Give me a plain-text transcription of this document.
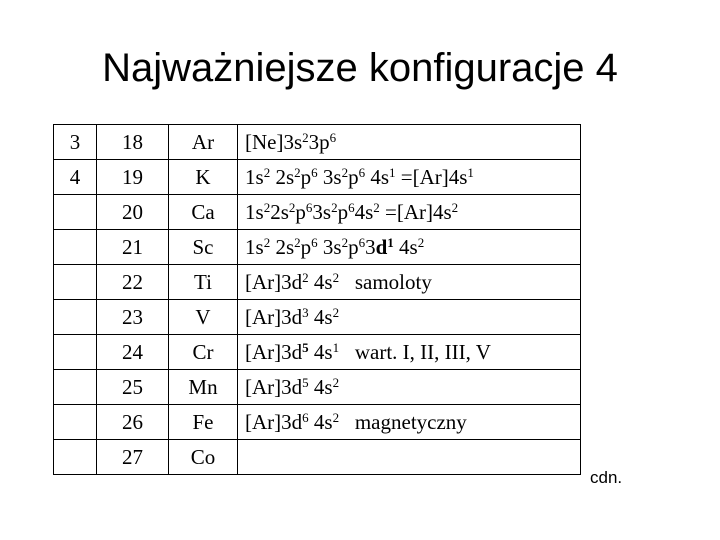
Najważniejsze konfiguracje 4
3	18	Ar	$[Ne]3s^23p^6$
4	19	K	$1s^2$ $2s^2p^6$ $3s^2p^6$ $4s^1 =[Ar]4s^1$
	20	Ca	$1s^22s^2p^63s^2p^64s^2 =[Ar]4s^2$
	21	Sc	$1s^2$ $2s^2p^6$ $3s^2p^63d^1$ $4s^2$
	22	Ti	$[Ar]3d^2$ $4s^2$   samoloty
	23	V	$[Ar]3d^3$ $4s^2$
	24	Cr	$[Ar]3d^5$ $4s^1$   wart. I, II, III, V
	25	Mn	$[Ar]3d^5$ $4s^2$
	26	Fe	$[Ar]3d^6$ $4s^2$   magnetyczny
	27	Co	
cdn.
